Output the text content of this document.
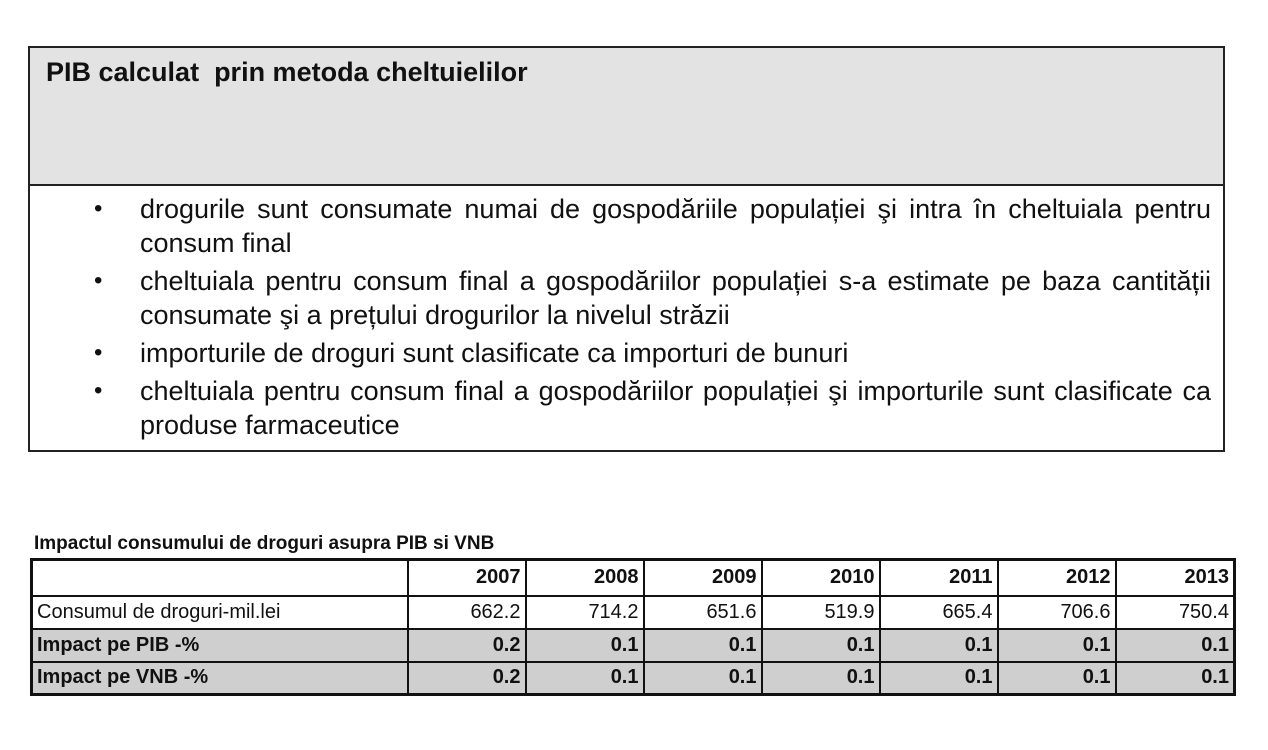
PIB calculat  prin metoda cheltuielilor
• drogurile sunt consumate numai de gospodăriile populației şi intra în cheltuiala pentru consum final
• cheltuiala pentru consum final a gospodăriilor populației s-a estimate pe baza cantității consumate şi a prețului drogurilor la nivelul străzii
• importurile de droguri sunt clasificate ca importuri de bunuri
• cheltuiala pentru consum final a gospodăriilor populației şi importurile sunt clasificate ca produse farmaceutice
Impactul consumului de droguri asupra PIB si VNB
	2007	2008	2009	2010	2011	2012	2013
Consumul de droguri-mil.lei	662.2	714.2	651.6	519.9	665.4	706.6	750.4
Impact pe PIB -%	0.2	0.1	0.1	0.1	0.1	0.1	0.1
Impact pe VNB -%	0.2	0.1	0.1	0.1	0.1	0.1	0.1
